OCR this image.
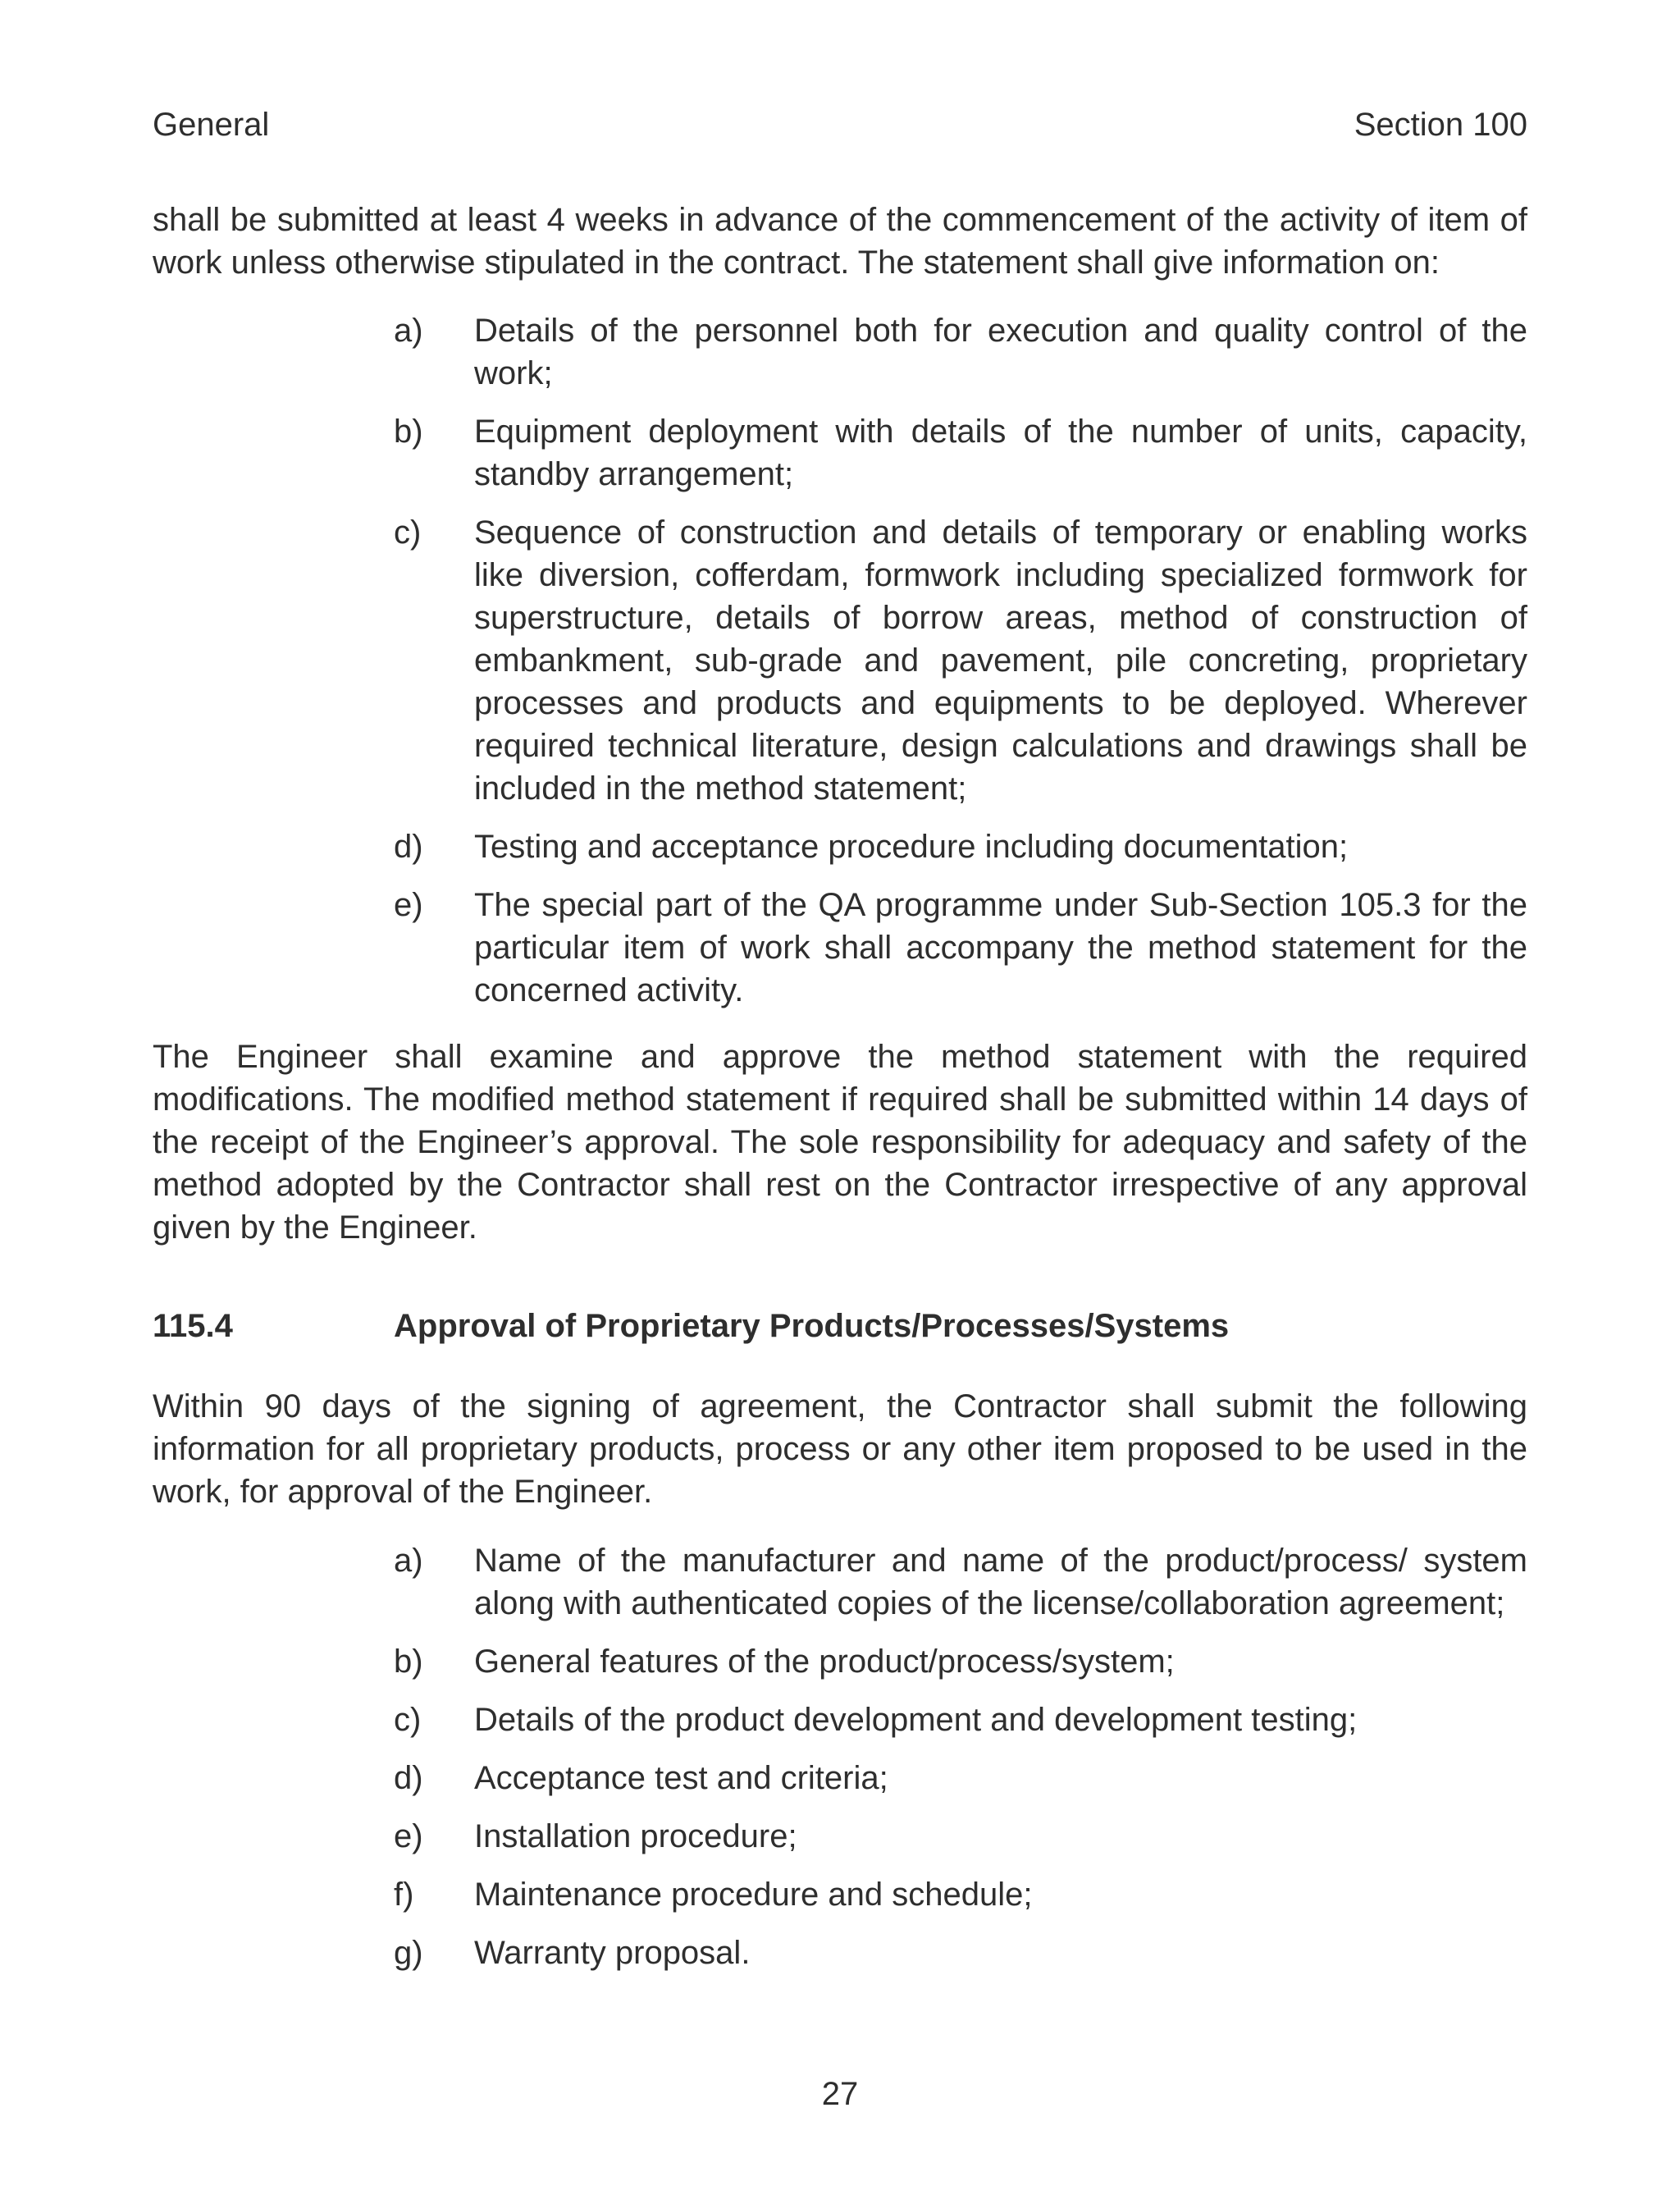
General	Section 100

shall be submitted at least 4 weeks in advance of the commencement of the activity of item of work unless otherwise stipulated in the contract. The statement shall give information on:

a)	Details of the personnel both for execution and quality control of the work;
b)	Equipment deployment with details of the number of units, capacity, standby arrangement;
c)	Sequence of construction and details of temporary or enabling works like diversion, cofferdam, formwork including specialized formwork for superstructure, details of borrow areas, method of construction of embankment, sub-grade and pavement, pile concreting, proprietary processes and products and equipments to be deployed. Wherever required technical literature, design calculations and drawings shall be included in the method statement;
d)	Testing and acceptance procedure including documentation;
e)	The special part of the QA programme under Sub-Section 105.3 for the particular item of work shall accompany the method statement for the concerned activity.

The Engineer shall examine and approve the method statement with the required modifications. The modified method statement if required shall be submitted within 14 days of the receipt of the Engineer’s approval. The sole responsibility for adequacy and safety of the method adopted by the Contractor shall rest on the Contractor irrespective of any approval given by the Engineer.

115.4	Approval of Proprietary Products/Processes/Systems

Within 90 days of the signing of agreement, the Contractor shall submit the following information for all proprietary products, process or any other item proposed to be used in the work, for approval of the Engineer.

a)	Name of the manufacturer and name of the product/process/ system along with authenticated copies of the license/collaboration agreement;
b)	General features of the product/process/system;
c)	Details of the product development and development testing;
d)	Acceptance test and criteria;
e)	Installation procedure;
f)	Maintenance procedure and schedule;
g)	Warranty proposal.
27
